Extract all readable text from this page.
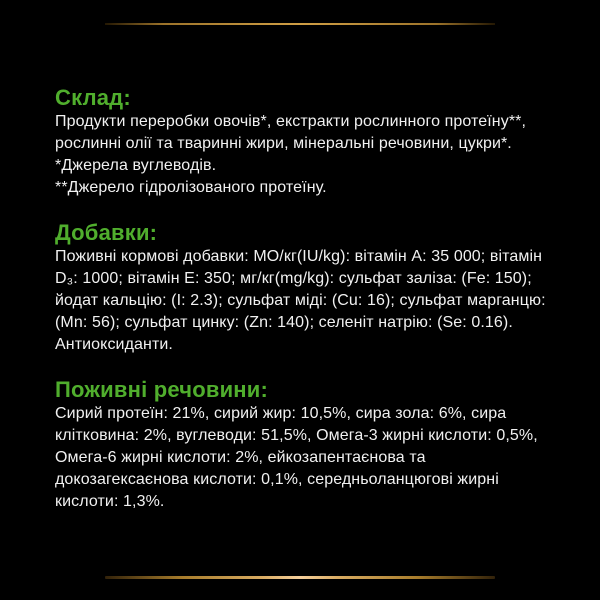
Склад:

Продукти переробки овочів*, екстракти рослинного протеїну**, рослинні олії та тваринні жири, мінеральні речовини, цукри*.

*Джерела вуглеводів.

**Джерело гідролізованого протеїну.

Добавки:

Поживні кормові добавки: МО/кг(IU/kg): вітамін A: 35 000; вітамін D₃: 1000; вітамін E: 350; мг/кг(mg/kg): сульфат заліза: (Fe: 150); йодат кальцію: (I: 2.3); сульфат міді: (Cu: 16); сульфат марганцю: (Mn: 56); сульфат цинку: (Zn: 140); селеніт натрію: (Se: 0.16). Антиоксиданти.

Поживні речовини:

Сирий протеїн: 21%, сирий жир: 10,5%, сира зола: 6%, сира клітковина: 2%, вуглеводи: 51,5%, Омега-3 жирні кислоти: 0,5%, Омега-6 жирні кислоти: 2%, ейкозапентаєнова та докозагексаєнова кислоти: 0,1%, середньоланцюгові жирні кислоти: 1,3%.
